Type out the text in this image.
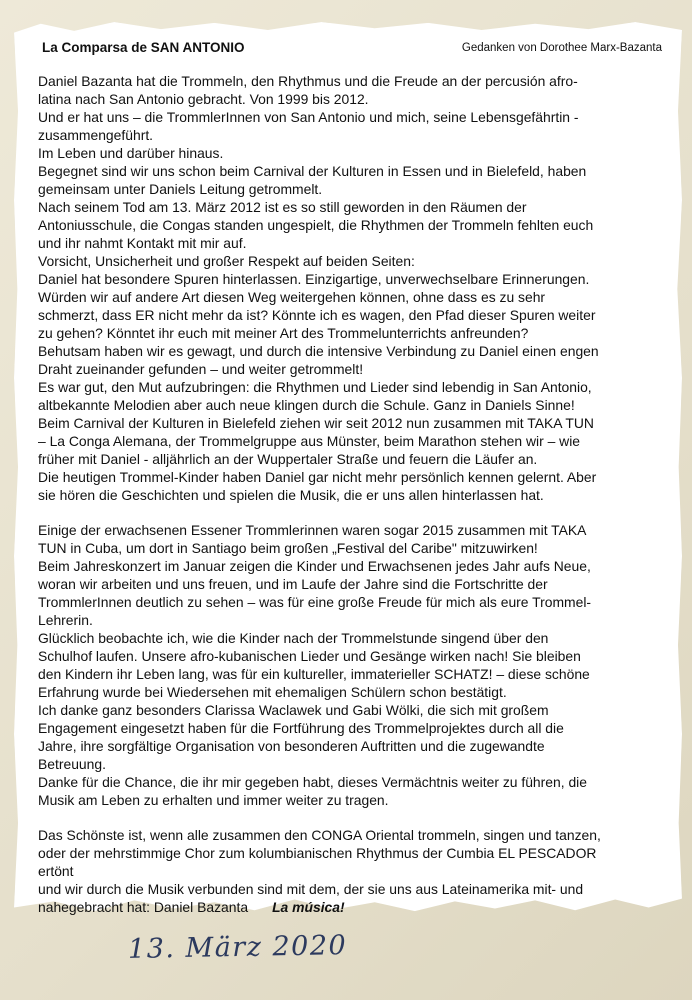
La Comparsa de SAN ANTONIO	Gedanken von Dorothee Marx-Bazanta
Daniel Bazanta hat die Trommeln, den Rhythmus und die Freude an der percusión afro-
latina nach San Antonio gebracht. Von 1999 bis 2012.
Und er hat uns – die TrommlerInnen von San Antonio und mich, seine Lebensgefährtin -
zusammengeführt.
Im Leben und darüber hinaus.
Begegnet sind wir uns schon beim Carnival der Kulturen in Essen und in Bielefeld, haben
gemeinsam unter Daniels Leitung getrommelt.
Nach seinem Tod am 13. März 2012 ist es so still geworden in den Räumen der
Antoniusschule, die Congas standen ungespielt, die Rhythmen der Trommeln fehlten euch
und ihr nahmt Kontakt mit mir auf.
Vorsicht, Unsicherheit und großer Respekt auf beiden Seiten:
Daniel hat besondere Spuren hinterlassen. Einzigartige, unverwechselbare Erinnerungen.
Würden wir auf andere Art diesen Weg weitergehen können, ohne dass es zu sehr
schmerzt, dass ER nicht mehr da ist? Könnte ich es wagen, den Pfad dieser Spuren weiter
zu gehen? Könntet ihr euch mit meiner Art des Trommelunterrichts anfreunden?
Behutsam haben wir es gewagt, und durch die intensive Verbindung zu Daniel einen engen
Draht zueinander gefunden – und weiter getrommelt!
Es war gut, den Mut aufzubringen: die Rhythmen und Lieder sind lebendig in San Antonio,
altbekannte Melodien aber auch neue klingen durch die Schule. Ganz in Daniels Sinne!
Beim Carnival der Kulturen in Bielefeld ziehen wir seit 2012 nun zusammen mit TAKA TUN
– La Conga Alemana, der Trommelgruppe aus Münster, beim Marathon stehen wir – wie
früher mit Daniel - alljährlich an der Wuppertaler Straße und feuern die Läufer an.
Die heutigen Trommel-Kinder haben Daniel gar nicht mehr persönlich kennen gelernt. Aber
sie hören die Geschichten und spielen die Musik, die er uns allen hinterlassen hat.
Einige der erwachsenen Essener Trommlerinnen waren sogar 2015 zusammen mit TAKA
TUN in Cuba, um dort in Santiago beim großen „Festival del Caribe" mitzuwirken!
Beim Jahreskonzert im Januar zeigen die Kinder und Erwachsenen jedes Jahr aufs Neue,
woran wir arbeiten und uns freuen, und im Laufe der Jahre sind die Fortschritte der
TrommlerInnen deutlich zu sehen – was für eine große Freude für mich als eure Trommel-
Lehrerin.
Glücklich beobachte ich, wie die Kinder nach der Trommelstunde singend über den
Schulhof laufen. Unsere afro-kubanischen Lieder und Gesänge wirken nach! Sie bleiben
den Kindern ihr Leben lang, was für ein kultureller, immaterieller SCHATZ! – diese schöne
Erfahrung wurde bei Wiedersehen mit ehemaligen Schülern schon bestätigt.
Ich danke ganz besonders Clarissa Waclawek und Gabi Wölki, die sich mit großem
Engagement eingesetzt haben für die Fortführung des Trommelprojektes durch all die
Jahre, ihre sorgfältige Organisation von besonderen Auftritten und die zugewandte
Betreuung.
Danke für die Chance, die ihr mir gegeben habt, dieses Vermächtnis weiter zu führen, die
Musik am Leben zu erhalten und immer weiter zu tragen.
Das Schönste ist, wenn alle zusammen den CONGA Oriental trommeln, singen und tanzen,
oder der mehrstimmige Chor zum kolumbianischen Rhythmus der Cumbia EL PESCADOR
ertönt
und wir durch die Musik verbunden sind mit dem, der sie uns aus Lateinamerika mit- und
nahegebracht hat: Daniel Bazanta La música!
13. März 2020
